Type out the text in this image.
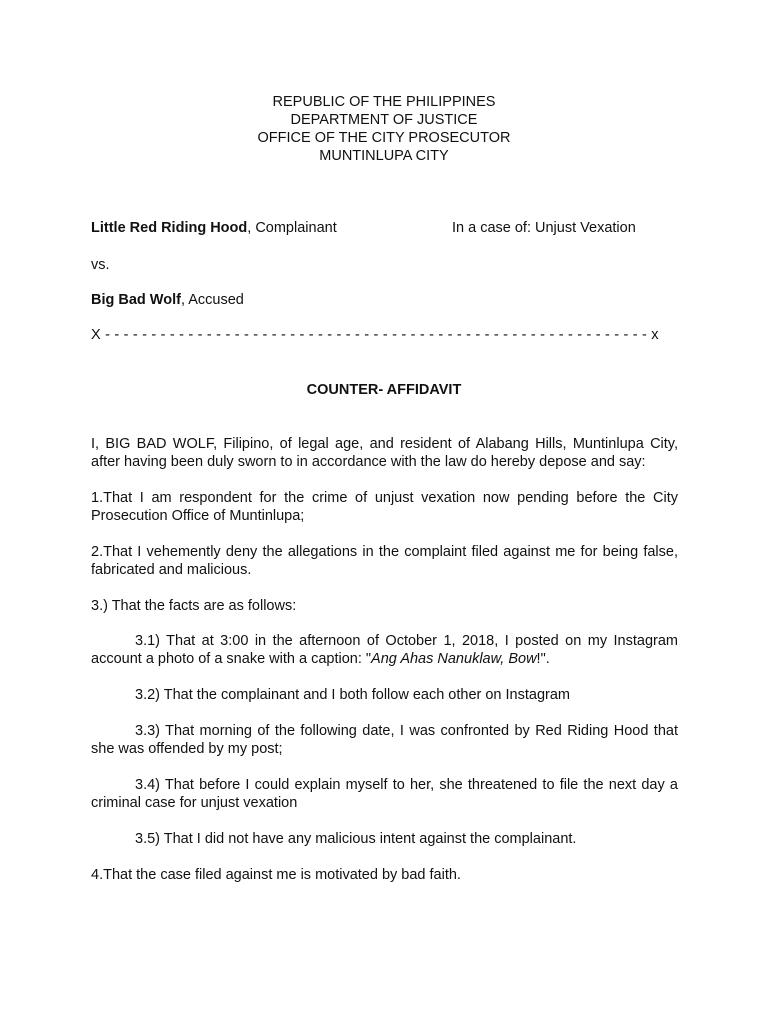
REPUBLIC OF THE PHILIPPINES
DEPARTMENT OF JUSTICE
OFFICE OF THE CITY PROSECUTOR
MUNTINLUPA CITY
Little Red Riding Hood, Complainant	In a case of: Unjust Vexation
vs.
Big Bad Wolf, Accused
X - - - - - - - - - - - - - - - - - - - - - - - - - - - - - - - - - - - - - - - - - - - - - - - - - - - - - - - - - - - x
COUNTER- AFFIDAVIT
I, BIG BAD WOLF, Filipino, of legal age, and resident of Alabang Hills, Muntinlupa City, after having been duly sworn to in accordance with the law do hereby depose and say:
1.That I am respondent for the crime of unjust vexation now pending before the City Prosecution Office of Muntinlupa;
2.That I vehemently deny the allegations in the complaint filed against me for being false, fabricated and malicious.
3.) That the facts are as follows:
3.1) That at 3:00 in the afternoon of October 1, 2018, I posted on my Instagram account a photo of a snake with a caption: "Ang Ahas Nanuklaw, Bow!".
3.2) That the complainant and I both follow each other on Instagram
3.3) That morning of the following date, I was confronted by Red Riding Hood that she was offended by my post;
3.4) That before I could explain myself to her, she threatened to file the next day a criminal case for unjust vexation
3.5) That I did not have any malicious intent against the complainant.
4.That the case filed against me is motivated by bad faith.
